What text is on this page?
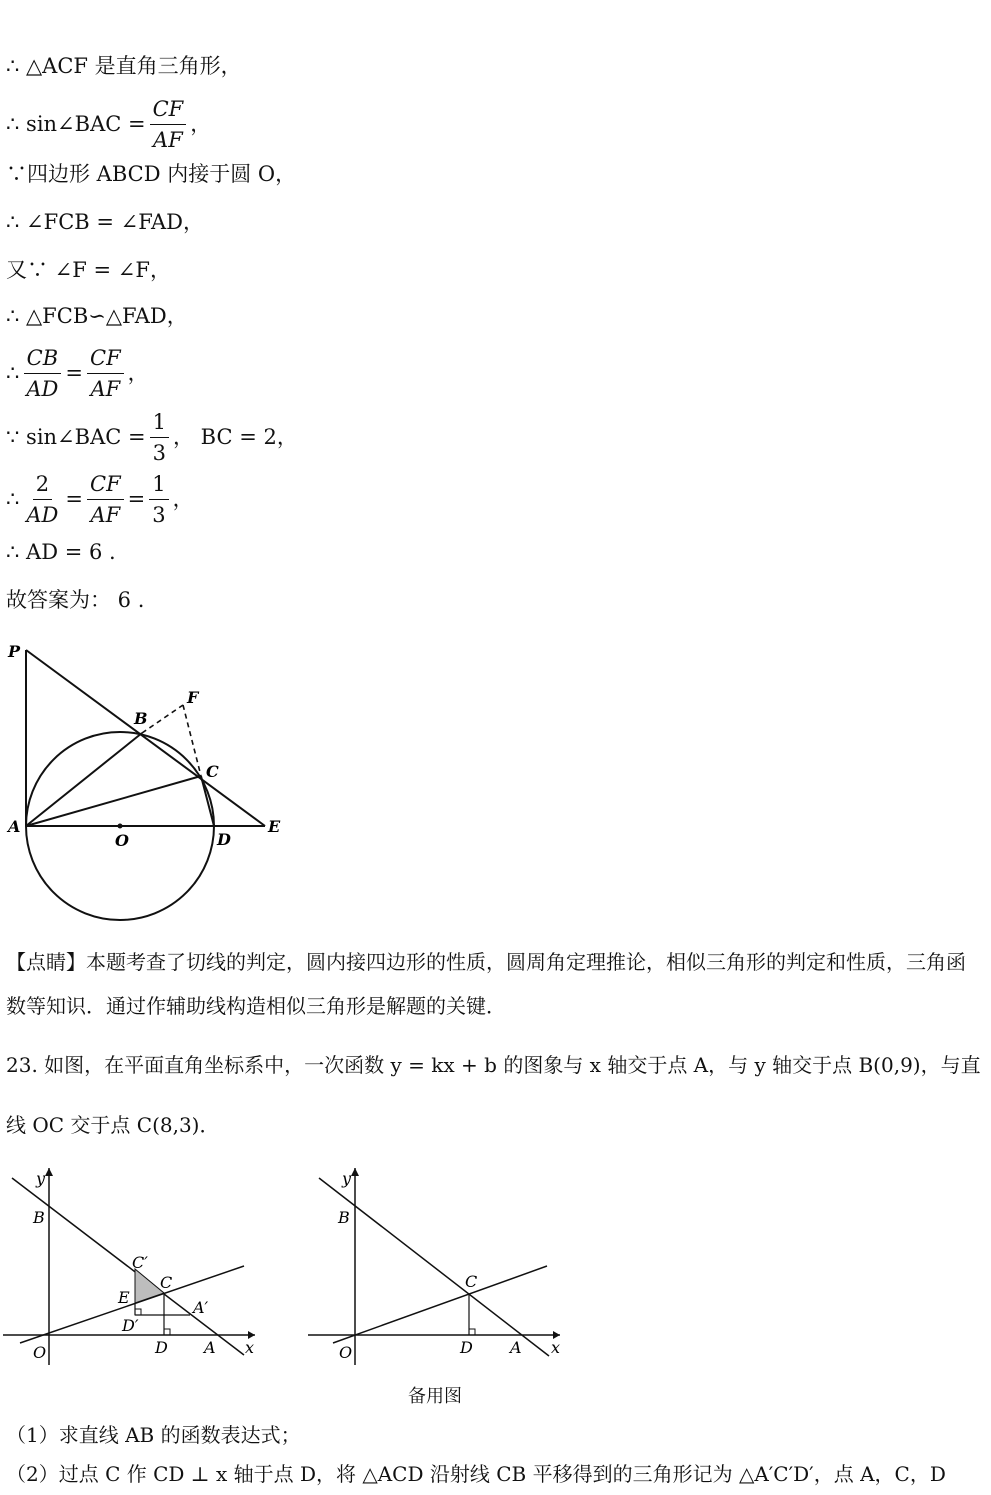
∴ △ACF 是直角三角形，
∴ sin∠BAC = $\frac{CF}{AF}$ ，
∵四边形 ABCD 内接于圆 O，
∴ ∠FCB = ∠FAD，
又∵ ∠F = ∠F，
∴ △FCB∽△FAD，
∴ $\frac{CB}{AD} = \frac{CF}{AF}$ ，
∵ sin∠BAC = $\frac{1}{3}$ ， BC = 2，
∴ $\frac{2}{AD} = \frac{CF}{AF} = \frac{1}{3}$ ，
∴ AD = 6 .
故答案为： 6 .
P
B
F
C
A
O	D
E
【点睛】本题考查了切线的判定，圆内接四边形的性质，圆周角定理推论，相似三角形的判定和性质，三角函数等知识．通过作辅助线构造相似三角形是解题的关键．
23. 如图，在平面直角坐标系中，一次函数 y = kx + b 的图象与 x 轴交于点 A，与 y 轴交于点 B(0,9)，与直
线 OC 交于点 C(8,3)．
y
B
C′
C
E
A′
D′
O	D A x
y
B
C
O	D A x
备用图
（1）求直线 AB 的函数表达式；
（2）过点 C 作 CD ⊥ x 轴于点 D，将 △ACD 沿射线 CB 平移得到的三角形记为 △A′C′D′，点 A，C，D
